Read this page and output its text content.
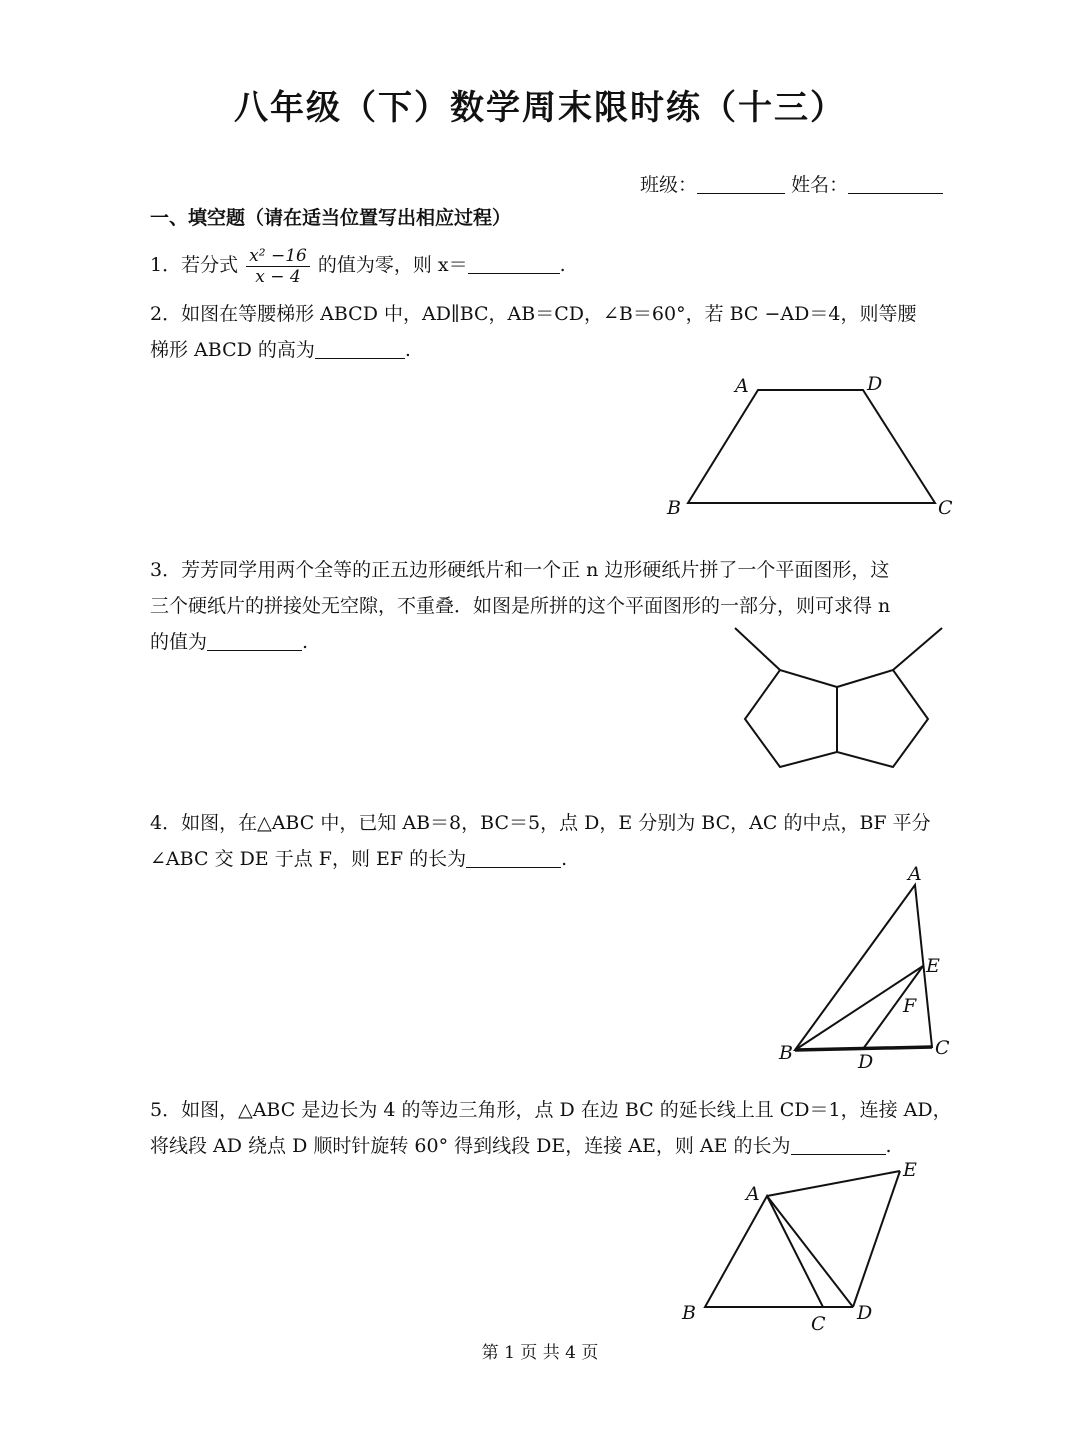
八年级（下）数学周末限时练（十三）
班级：	姓名：
一、填空题（请在适当位置写出相应过程）
1．若分式 $\frac{\text{x² −16}}{x - 4}$ 的值为零，则 x＝	.
2．如图在等腰梯形 ABCD 中，AD∥BC，AB＝CD，∠B＝60°，若 BC −AD＝4，则等腰
梯形 ABCD 的高为	.
A	D
B	C
3．芳芳同学用两个全等的正五边形硬纸片和一个正 n 边形硬纸片拼了一个平面图形，这
三个硬纸片的拼接处无空隙，不重叠．如图是所拼的这个平面图形的一部分，则可求得 n
的值为	.
4．如图，在△ABC 中，已知 AB＝8，BC＝5，点 D，E 分别为 BC，AC 的中点，BF 平分
∠ABC 交 DE 于点 F，则 EF 的长为	.
A
E
F
B	D
C
5．如图，△ABC 是边长为 4 的等边三角形，点 D 在边 BC 的延长线上且 CD＝1，连接 AD，
将线段 AD 绕点 D 顺时针旋转 60° 得到线段 DE，连接 AE，则 AE 的长为	.
A
E
B	C D
第 1 页 共 4 页
